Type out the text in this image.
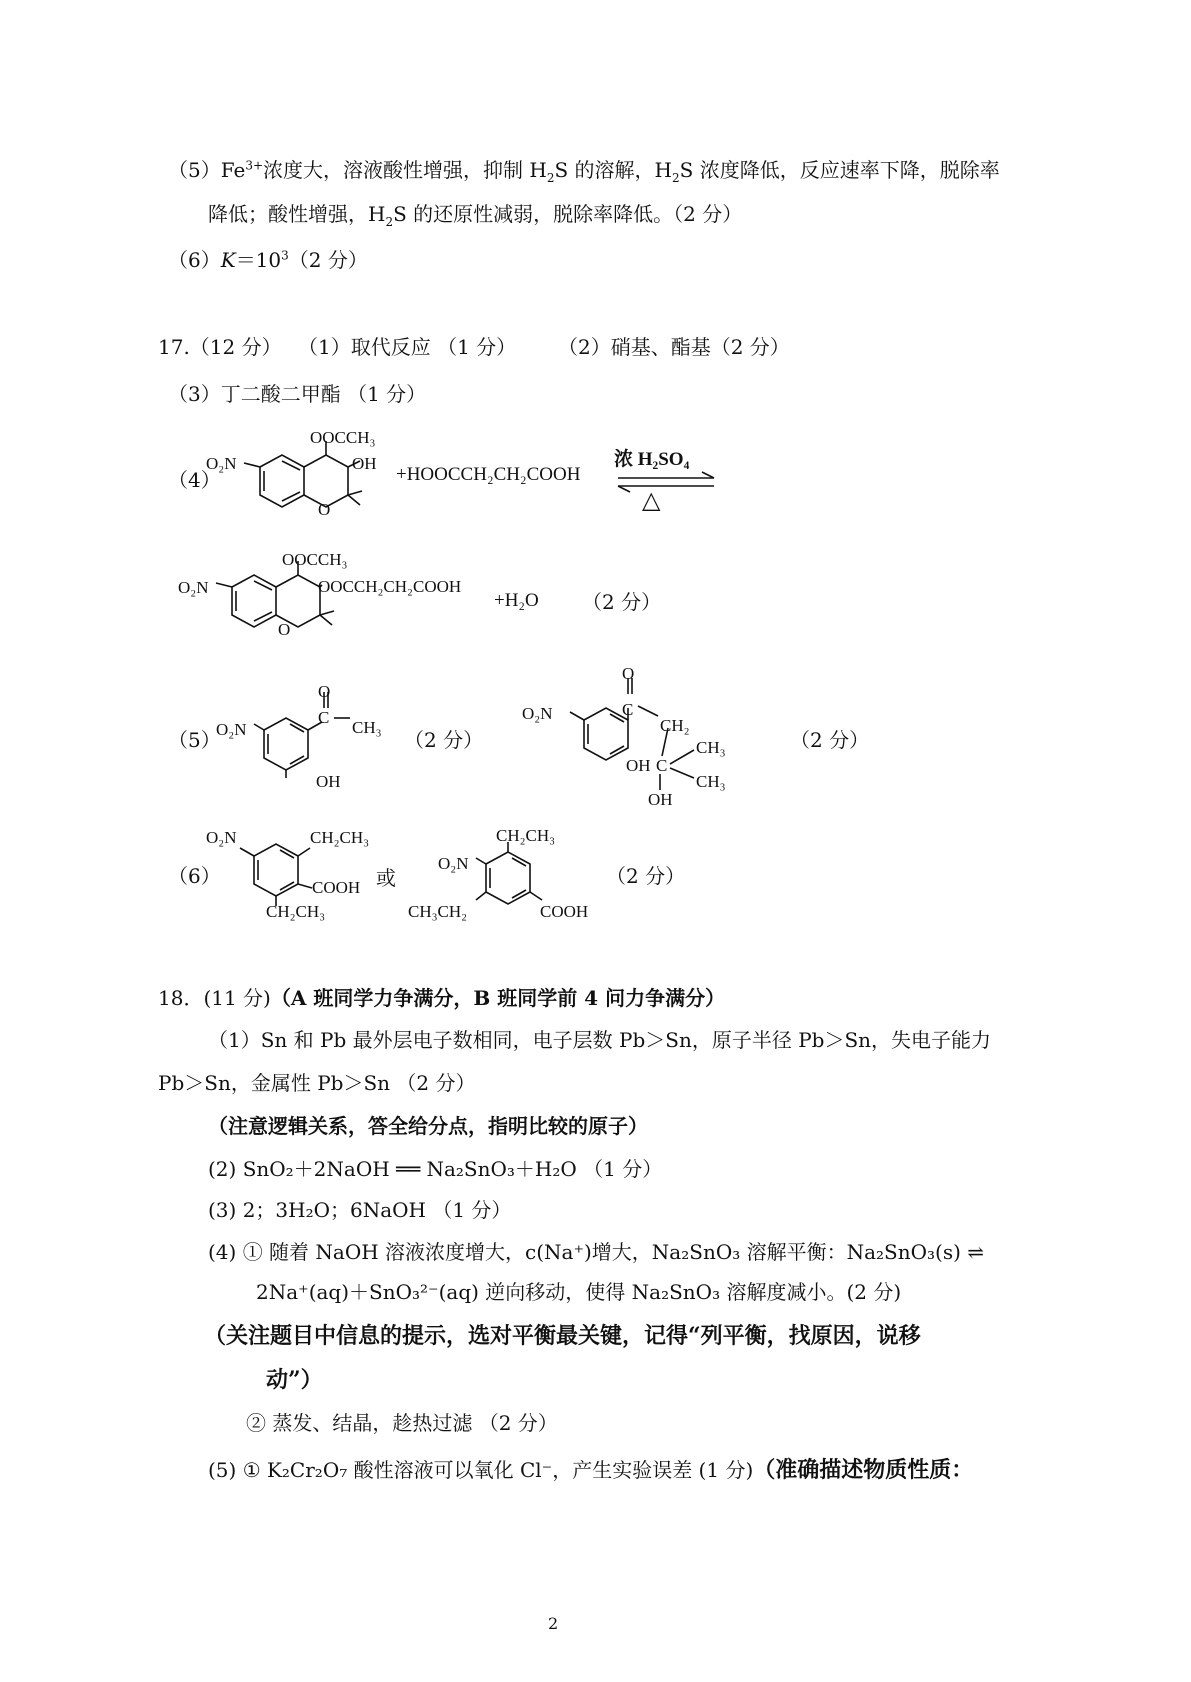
$(5)Fe^{3+}$浓度大，溶液酸性增强，抑制 $H_2S$ 的溶解，$H_2S$ 浓度降低，反应速率下降，脱除率
降低；酸性增强，$H_2S$ 的还原性减弱，脱除率降低。（2 分）
$(6)K=10^3(2$ 分）
17.（12 分） （1）取代反应 （1 分） （2）硝基、酯基（2 分）
（3）丁二酸二甲酯 （1 分）
（4）
O₂N
OOCCH₃
OH
O
+HOOCCH₂CH₂COOH
浓 H₂SO₄
△
O₂N
OOCCH₃
OOCCH₂CH₂COOH
O
+H₂O （2 分）
（5）
O₂N
O
C
CH₃
OH
（2 分）
O₂N
O
C
CH₂
CH₃
OH C
CH₃
OH
（2 分）
（6）
O₂N	CH₂CH₃
COOH
CH₂CH₃
或
CH₂CH₃
O₂N
CH₃CH₂	COOH
（2 分）
18．(11 分)（A 班同学力争满分，B 班同学前 4 问力争满分）
（1）Sn 和 Pb 最外层电子数相同，电子层数 Pb＞Sn，原子半径 Pb＞Sn，失电子能力
Pb＞Sn，金属性 Pb＞Sn （2 分）
（注意逻辑关系，答全给分点，指明比较的原子）
(2) SnO₂＋2NaOH ══ Na₂SnO₃＋H₂O （1 分）
(3) 2；3H₂O；6NaOH （1 分）
(4) ① 随着 NaOH 溶液浓度增大，c(Na⁺)增大，Na₂SnO₃ 溶解平衡：Na₂SnO₃(s) ⇌
2Na⁺(aq)＋SnO₃²⁻(aq) 逆向移动，使得 Na₂SnO₃ 溶解度减小。(2 分)
（关注题目中信息的提示，选对平衡最关键，记得“列平衡，找原因，说移
动”）
② 蒸发、结晶，趁热过滤 （2 分）
(5) ① K₂Cr₂O₇ 酸性溶液可以氧化 Cl⁻，产生实验误差 (1 分)（准确描述物质性质：
2
